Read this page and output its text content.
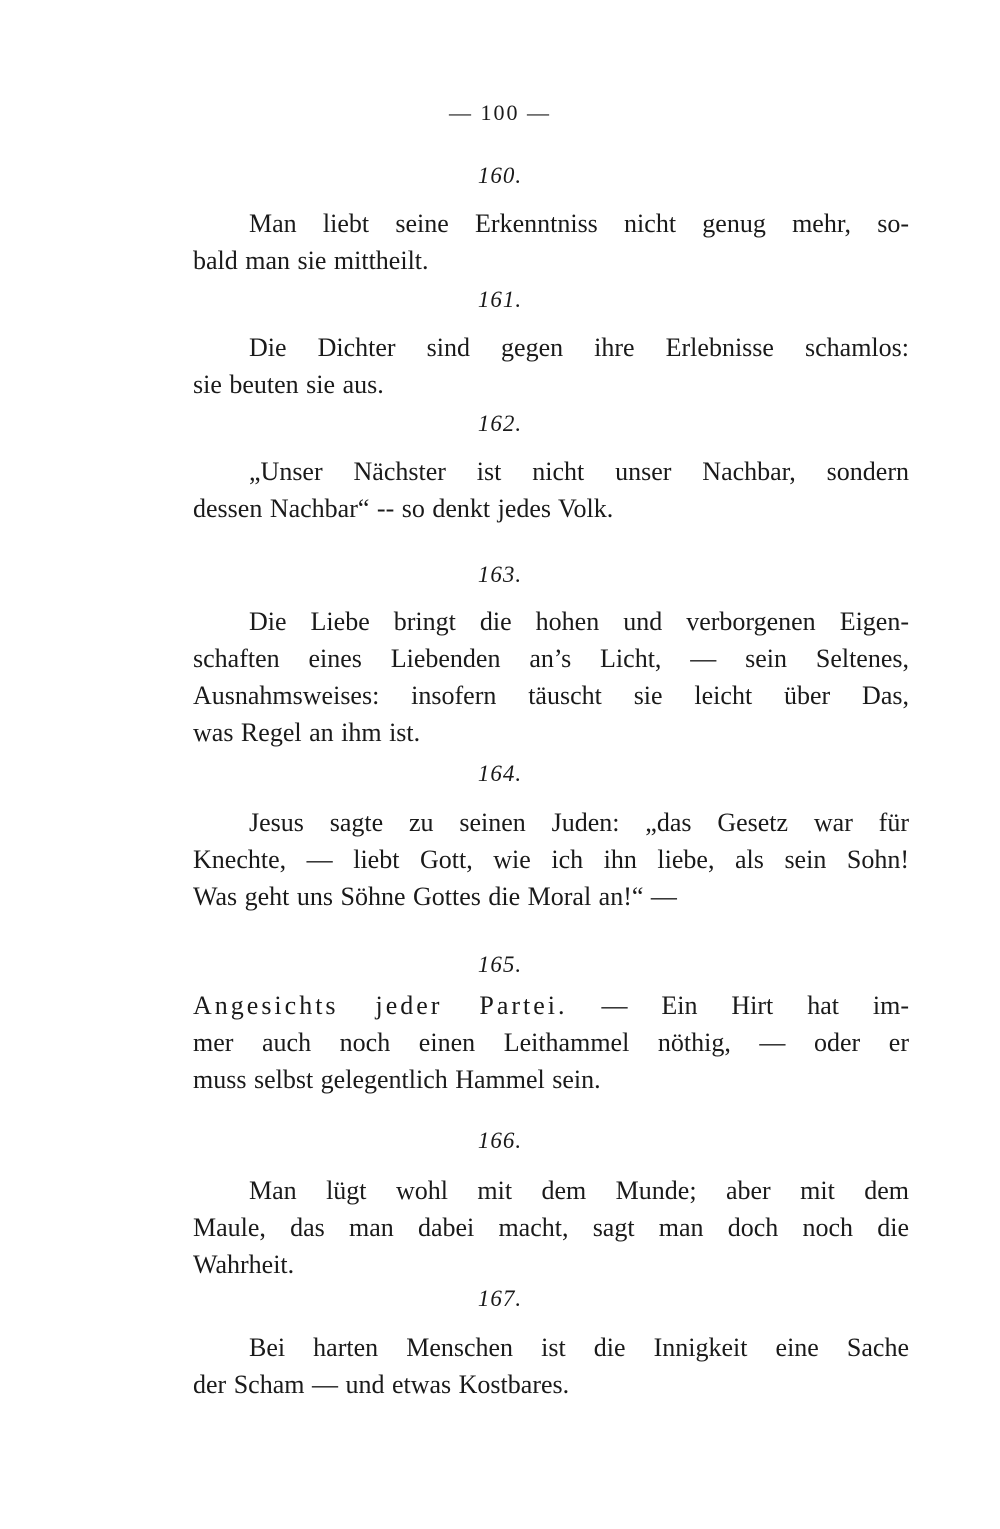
— 100 —
160.
Man liebt seine Erkenntniss nicht genug mehr, so-
bald man sie mittheilt.
161.
Die Dichter sind gegen ihre Erlebnisse schamlos:
sie beuten sie aus.
162.
„Unser Nächster ist nicht unser Nachbar, sondern
dessen Nachbar“ -- so denkt jedes Volk.
163.
Die Liebe bringt die hohen und verborgenen Eigen-
schaften eines Liebenden an’s Licht, — sein Seltenes,
Ausnahmsweises: insofern täuscht sie leicht über Das,
was Regel an ihm ist.
164.
Jesus sagte zu seinen Juden: „das Gesetz war für
Knechte, — liebt Gott, wie ich ihn liebe, als sein Sohn!
Was geht uns Söhne Gottes die Moral an!“ —
165.
Angesichts jeder Partei. — Ein Hirt hat im-
mer auch noch einen Leithammel nöthig, — oder er
muss selbst gelegentlich Hammel sein.
166.
Man lügt wohl mit dem Munde; aber mit dem
Maule, das man dabei macht, sagt man doch noch die
Wahrheit.
167.
Bei harten Menschen ist die Innigkeit eine Sache
der Scham — und etwas Kostbares.
